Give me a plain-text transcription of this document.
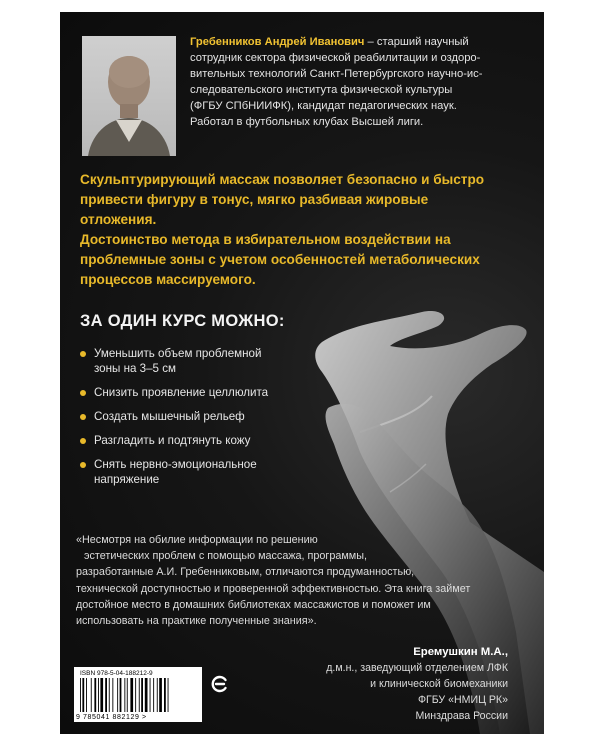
Гребенников Андрей Иванович – старший научный
сотрудник сектора физической реабилитации и оздоро-
вительных технологий Санкт-Петербургского научно-ис-
следовательского института физической культуры
(ФГБУ СПбНИИФК), кандидат педагогических наук.
Работал в футбольных клубах Высшей лиги.
Скульптурирующий массаж позволяет безопасно и быстро
привести фигуру в тонус, мягко разбивая жировые отложения.
Достоинство метода в избирательном воздействии на
проблемные зоны с учетом особенностей метаболических
процессов массируемого.
ЗА ОДИН КУРС МОЖНО:
Уменьшить объем проблемной
зоны на 3–5 см
Снизить проявление целлюлита
Создать мышечный рельеф
Разгладить и подтянуть кожу
Снять нервно-эмоциональное
напряжение
«Несмотря на обилие информации по решению
эстетических проблем с помощью массажа, программы,
разработанные А.И. Гребенниковым, отличаются продуманностью,
технической доступностью и проверенной эффективностью. Эта книга займет
достойное место в домашних библиотеках массажистов и поможет им
использовать на практике полученные знания».
Еремушкин М.А.,
д.м.н., заведующий отделением ЛФК
и клинической биомеханики
ФГБУ «НМИЦ РК»
Минздрава России
ISBN 978-5-04-188212-9
9 785041 882129 >
